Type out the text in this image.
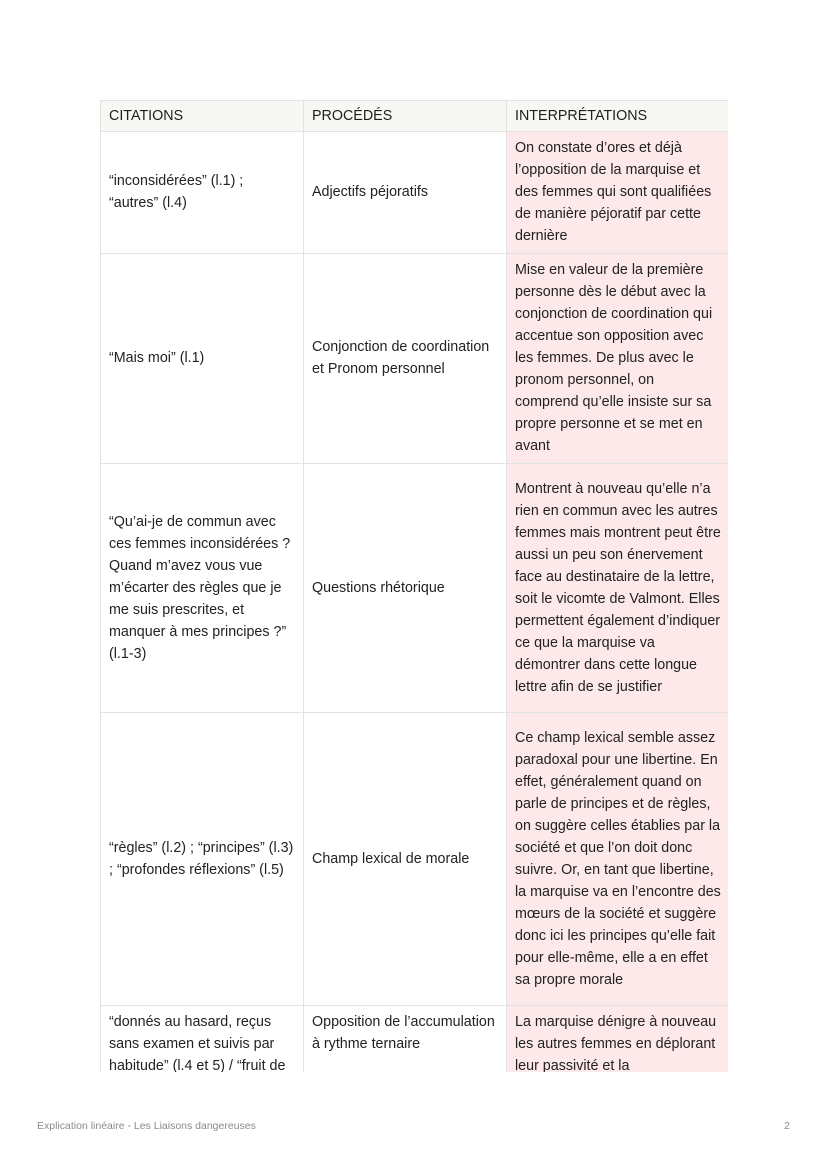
CITATIONS	PROCÉDÉS	INTERPRÉTATIONS
“inconsidérées” (l.1) ; “autres” (l.4)	Adjectifs péjoratifs	On constate d’ores et déjà l’opposition de la marquise et des femmes qui sont qualifiées de manière péjoratif par cette dernière
“Mais moi” (l.1)	Conjonction de coordination et Pronom personnel	Mise en valeur de la première personne dès le début avec la conjonction de coordination qui accentue son opposition avec les femmes. De plus avec le pronom personnel, on comprend qu’elle insiste sur sa propre personne et se met en avant
“Qu’ai-je de commun avec ces femmes inconsidérées ? Quand m’avez vous vue m’écarter des règles que je me suis prescrites, et manquer à mes principes ?” (l.1-3)	Questions rhétorique	Montrent à nouveau qu’elle n’a rien en commun avec les autres femmes mais montrent peut être aussi un peu son énervement face au destinataire de la lettre, soit le vicomte de Valmont. Elles permettent également d’indiquer ce que la marquise va démontrer dans cette longue lettre afin de se justifier
“règles” (l.2) ; “principes” (l.3) ; “profondes réflexions” (l.5)	Champ lexical de morale	Ce champ lexical semble assez paradoxal pour une libertine. En effet, généralement quand on parle de principes et de règles, on suggère celles établies par la société et que l’on doit donc suivre. Or, en tant que libertine, la marquise va en l’encontre des mœurs de la société et suggère donc ici les principes qu’elle fait pour elle-même, elle a en effet sa propre morale
“donnés au hasard, reçus sans examen et suivis par habitude” (l.4 et 5) / “fruit de	Opposition de l’accumulation à rythme ternaire	La marquise dénigre à nouveau les autres femmes en déplorant leur passivité et la
Explication linéaire - Les Liaisons dangereuses	2
